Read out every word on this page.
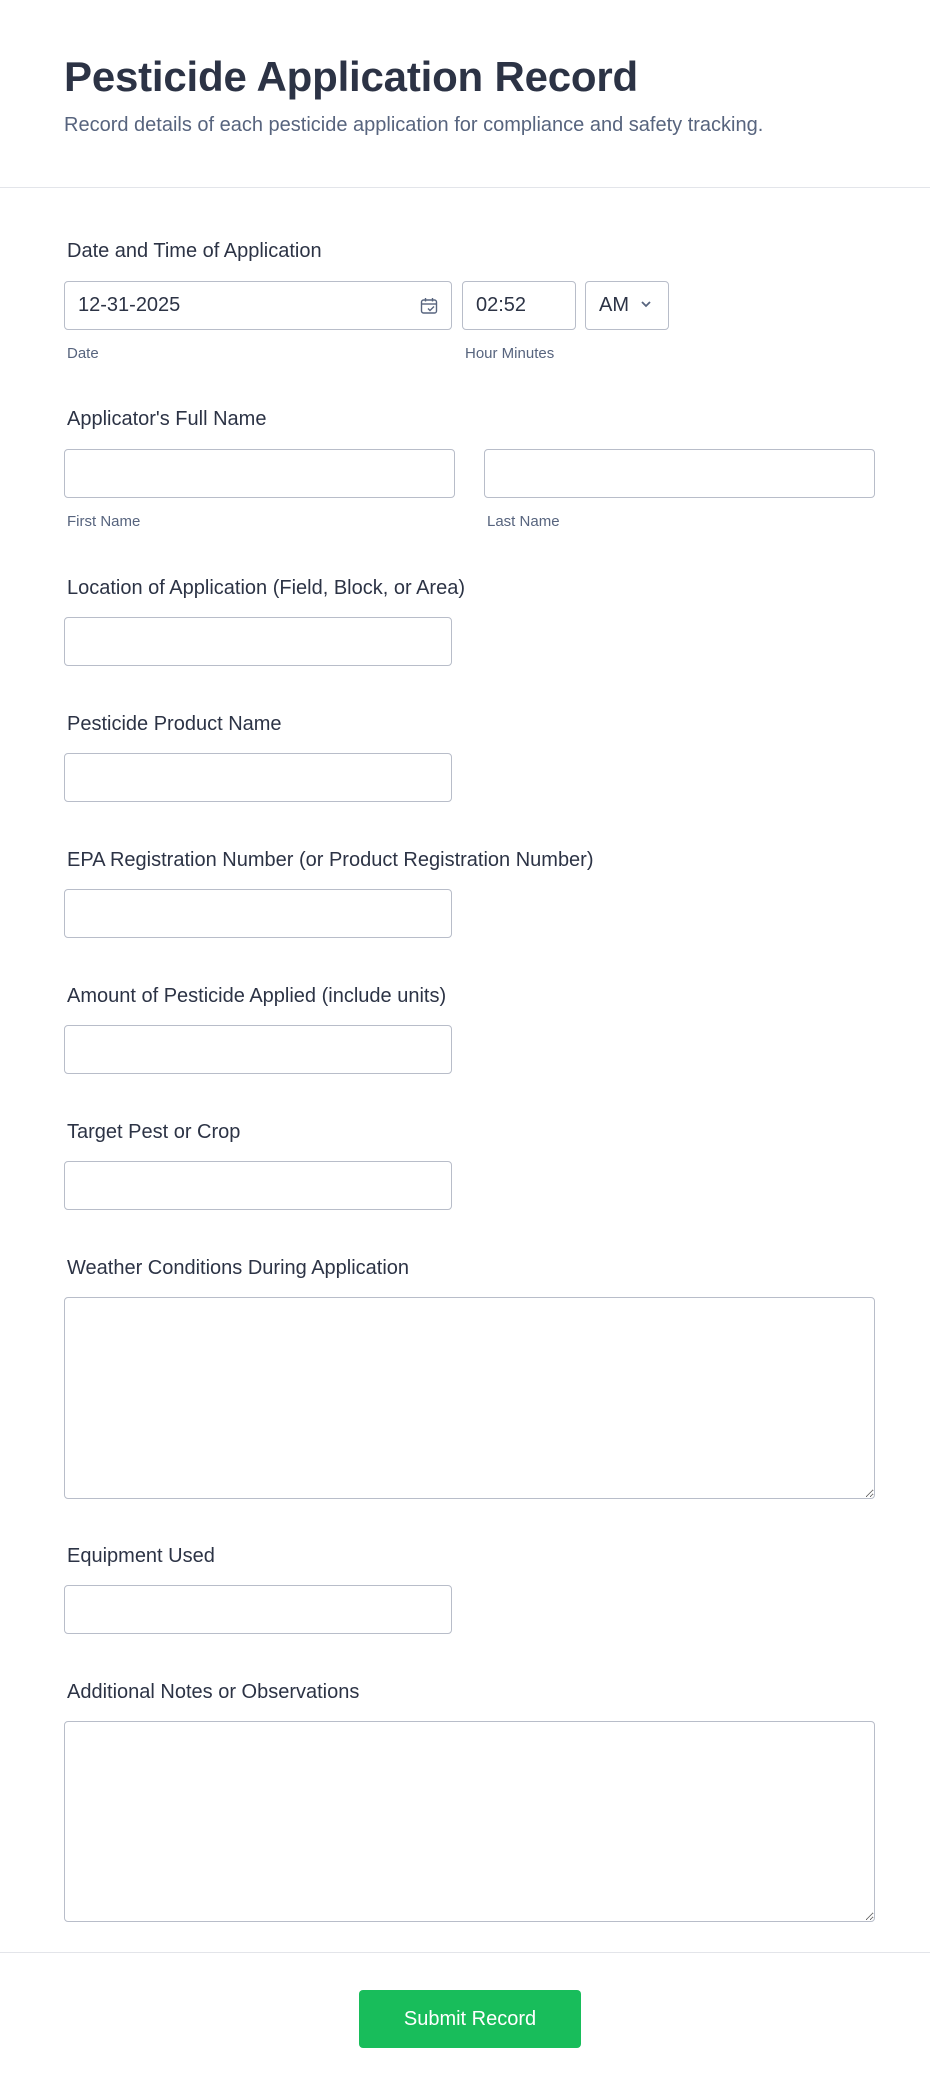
Pesticide Application Record

Record details of each pesticide application for compliance and safety tracking.

Date and Time of Application
12-31-2025	02:52	AM
Date	Hour Minutes
Applicator's Full Name
First Name	Last Name
Location of Application (Field, Block, or Area)
Pesticide Product Name
EPA Registration Number (or Product Registration Number)
Amount of Pesticide Applied (include units)
Target Pest or Crop
Weather Conditions During Application
Equipment Used
Additional Notes or Observations
Submit Record
